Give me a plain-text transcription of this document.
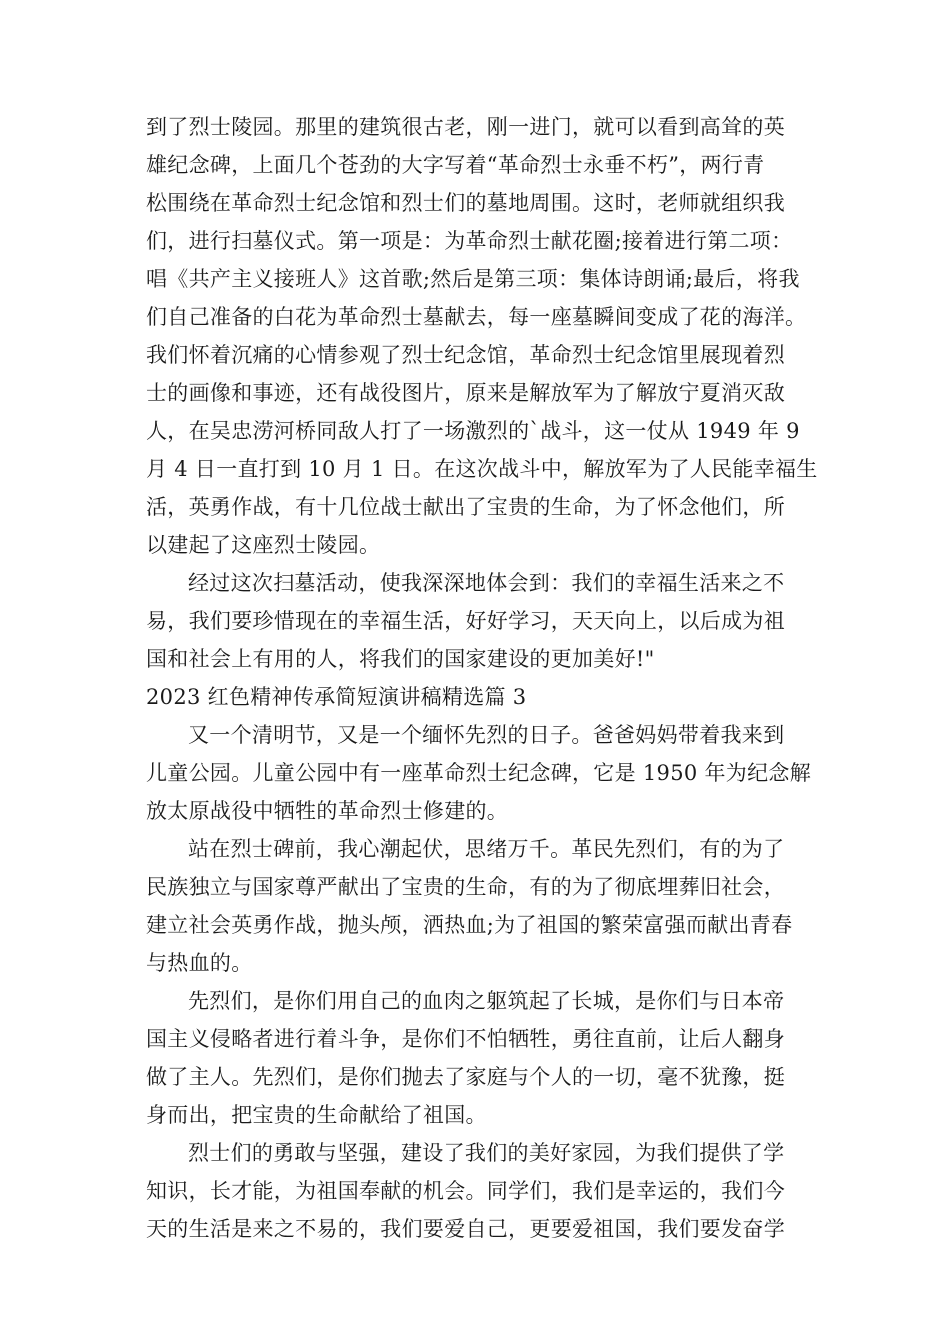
到了烈士陵园。那里的建筑很古老，刚一进门，就可以看到高耸的英
雄纪念碑，上面几个苍劲的大字写着“革命烈士永垂不朽”，两行青
松围绕在革命烈士纪念馆和烈士们的墓地周围。这时，老师就组织我
们，进行扫墓仪式。第一项是：为革命烈士献花圈;接着进行第二项：
唱《共产主义接班人》这首歌;然后是第三项：集体诗朗诵;最后，将我
们自己准备的白花为革命烈士墓献去，每一座墓瞬间变成了花的海洋。
我们怀着沉痛的心情参观了烈士纪念馆，革命烈士纪念馆里展现着烈
士的画像和事迹，还有战役图片，原来是解放军为了解放宁夏消灭敌
人，在吴忠涝河桥同敌人打了一场激烈的`战斗，这一仗从 1949 年 9
月 4 日一直打到 10 月 1 日。在这次战斗中，解放军为了人民能幸福生
活，英勇作战，有十几位战士献出了宝贵的生命，为了怀念他们，所
以建起了这座烈士陵园。
经过这次扫墓活动，使我深深地体会到：我们的幸福生活来之不
易，我们要珍惜现在的幸福生活，好好学习，天天向上，以后成为祖
国和社会上有用的人，将我们的国家建设的更加美好!"
2023 红色精神传承简短演讲稿精选篇 3
又一个清明节，又是一个缅怀先烈的日子。爸爸妈妈带着我来到
儿童公园。儿童公园中有一座革命烈士纪念碑，它是 1950 年为纪念解
放太原战役中牺牲的革命烈士修建的。
站在烈士碑前，我心潮起伏，思绪万千。革民先烈们，有的为了
民族独立与国家尊严献出了宝贵的生命，有的为了彻底埋葬旧社会，
建立社会英勇作战，抛头颅，洒热血;为了祖国的繁荣富强而献出青春
与热血的。
先烈们，是你们用自己的血肉之躯筑起了长城，是你们与日本帝
国主义侵略者进行着斗争，是你们不怕牺牲，勇往直前，让后人翻身
做了主人。先烈们，是你们抛去了家庭与个人的一切，毫不犹豫，挺
身而出，把宝贵的生命献给了祖国。
烈士们的勇敢与坚强，建设了我们的美好家园，为我们提供了学
知识，长才能，为祖国奉献的机会。同学们，我们是幸运的，我们今
天的生活是来之不易的，我们要爱自己，更要爱祖国，我们要发奋学
